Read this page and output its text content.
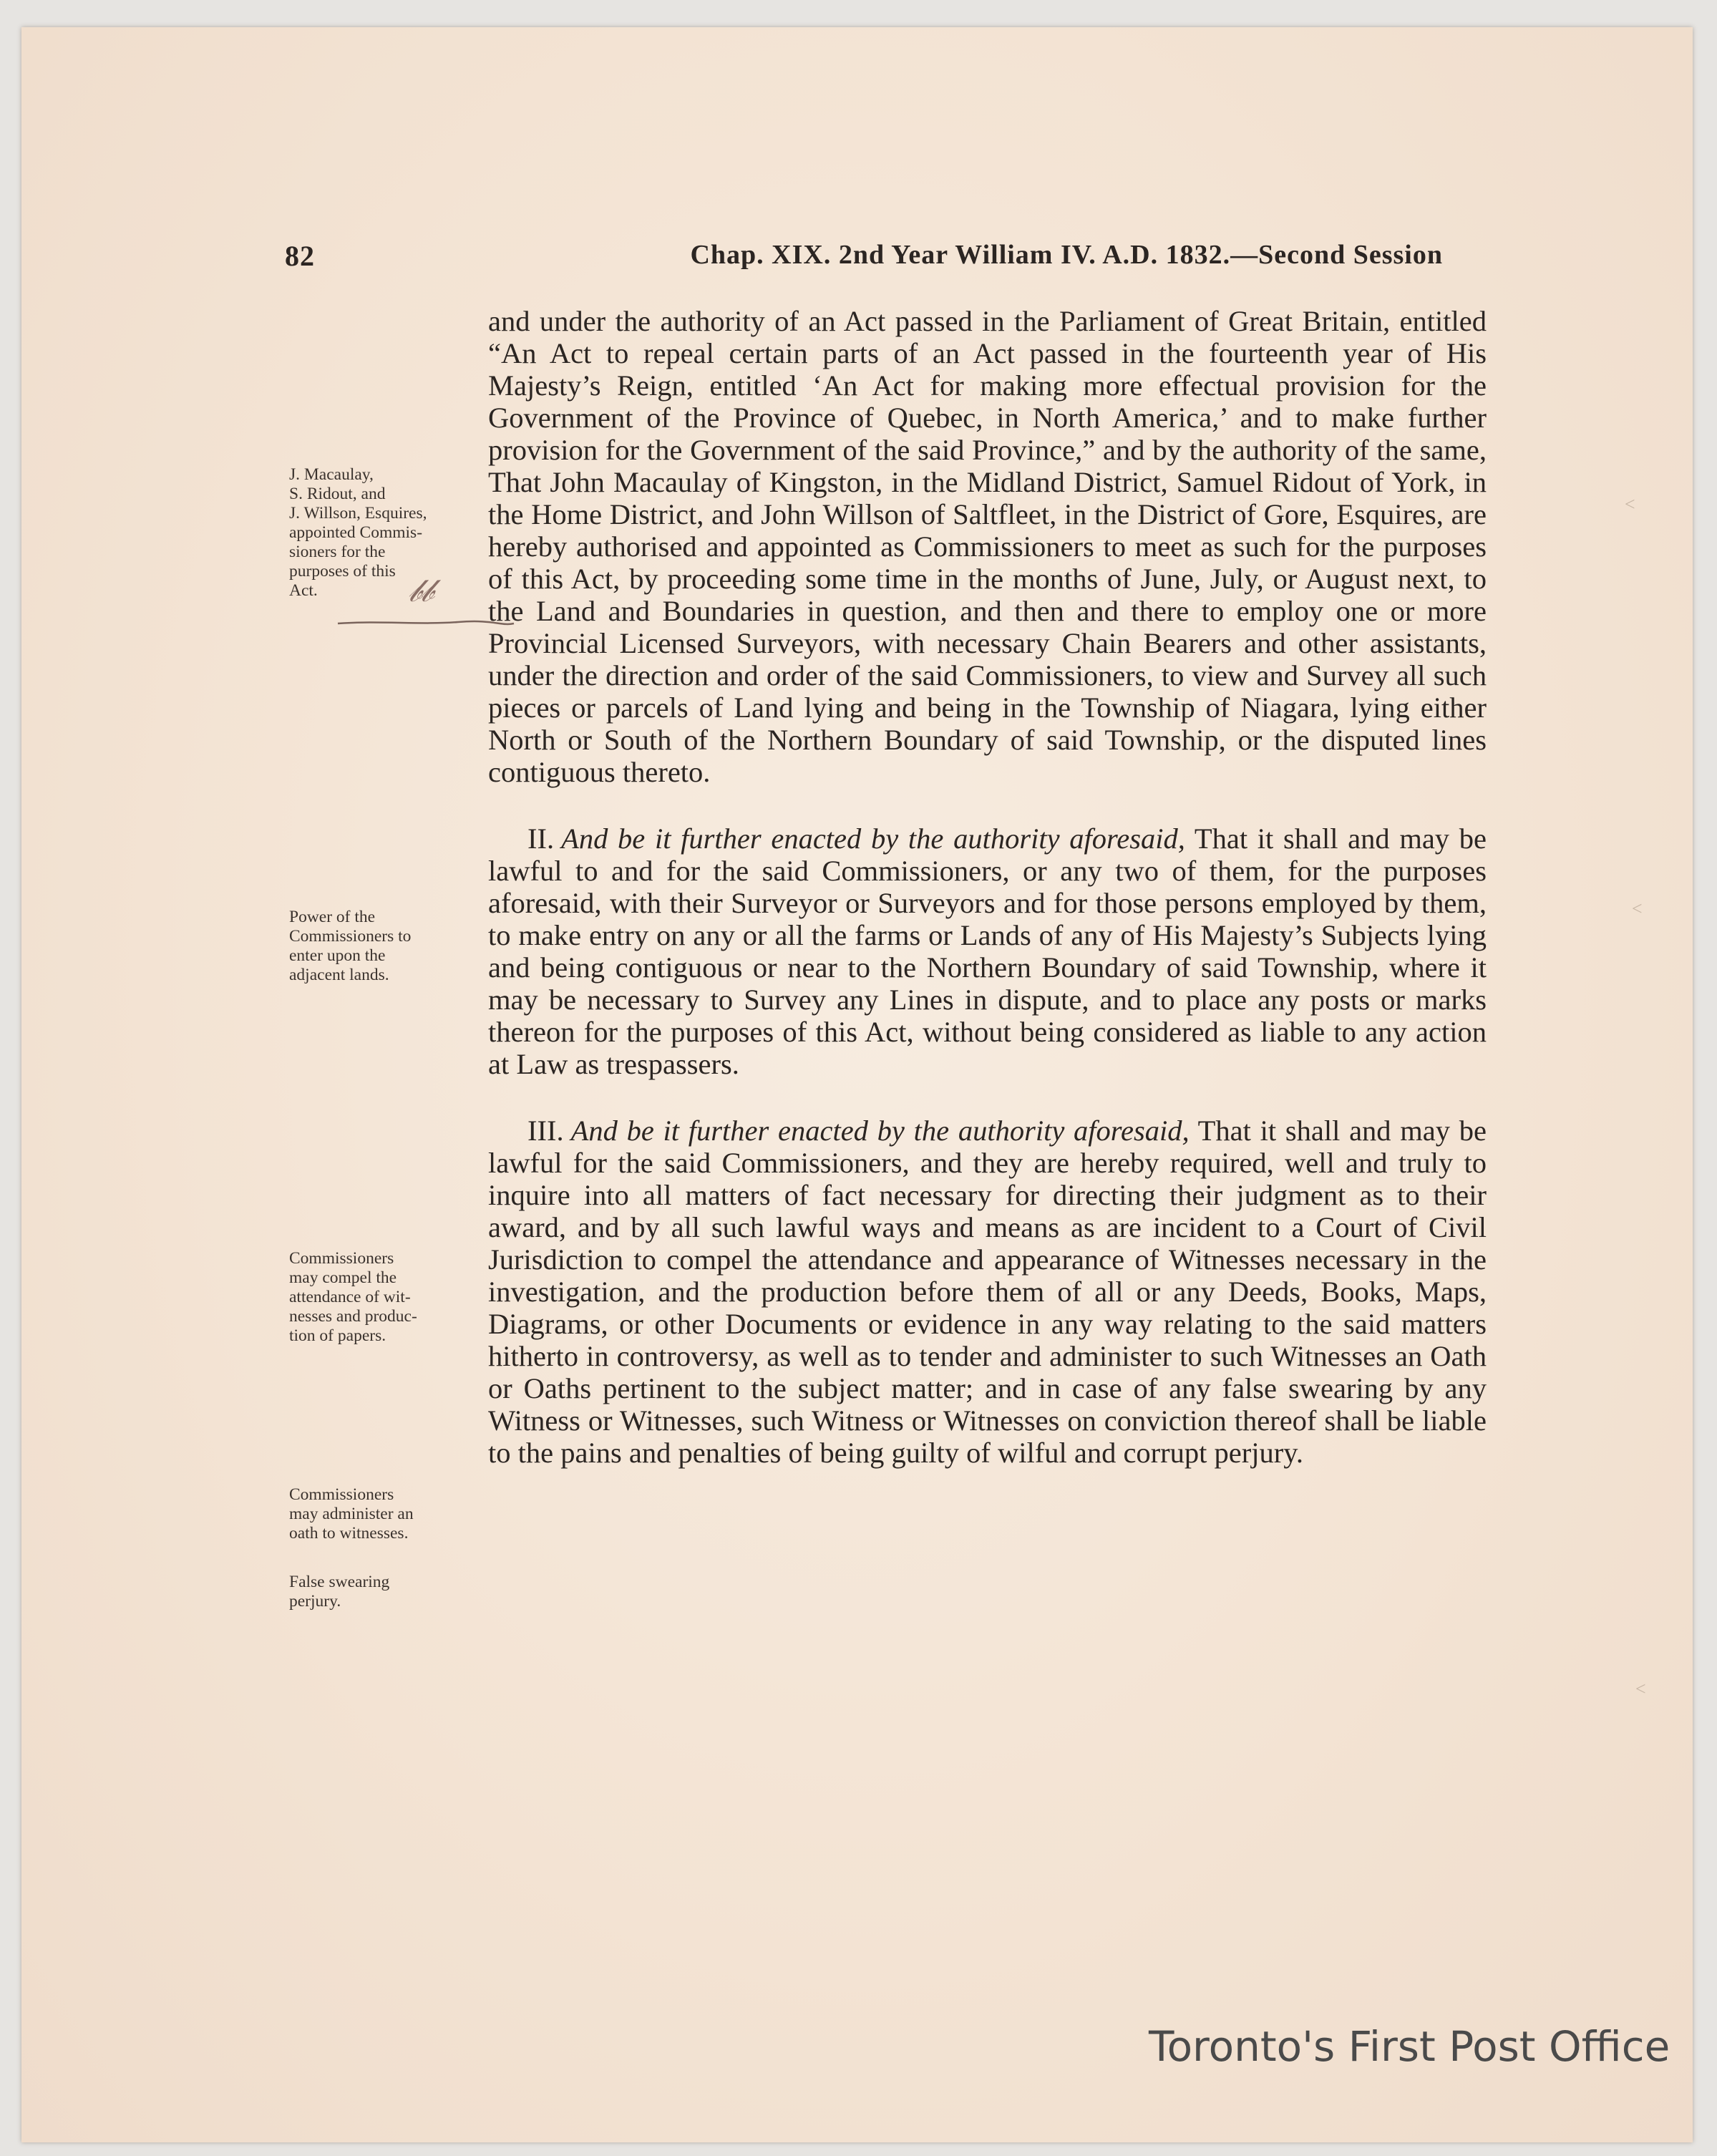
82	Chap. XIX. 2nd Year William IV. A.D. 1832.—Second Session
J. Macaulay,
S. Ridout, and
J. Willson, Esquires,
appointed Commis-
sioners for the
purposes of this
Act.	𝒷𝒷
Power of the
Commissioners to
enter upon the
adjacent lands.
Commissioners
may compel the
attendance of wit-
nesses and produc-
tion of papers.
Commissioners
may administer an
oath to witnesses.
False swearing
perjury.

and under the authority of an Act passed in the Parliament of Great Britain, entitled “An Act to repeal certain parts of an Act passed in the fourteenth year of His Majesty’s Reign, entitled ‘An Act for making more effectual provision for the Government of the Province of Quebec, in North America,’ and to make further provision for the Government of the said Province,” and by the authority of the same, That John Macaulay of Kingston, in the Midland District, Samuel Ridout of York, in the Home District, and John Willson of Saltfleet, in the District of Gore, Esquires, are hereby authorised and appointed as Commissioners to meet as such for the purposes of this Act, by proceeding some time in the months of June, July, or August next, to the Land and Boundaries in question, and then and there to employ one or more Provincial Licensed Surveyors, with necessary Chain Bearers and other assistants, under the direction and order of the said Commissioners, to view and Survey all such pieces or parcels of Land lying and being in the Township of Niagara, lying either North or South of the Northern Boundary of said Township, or the disputed lines contiguous thereto.

II. And be it further enacted by the authority aforesaid, That it shall and may be lawful to and for the said Commissioners, or any two of them, for the purposes aforesaid, with their Surveyor or Surveyors and for those persons employed by them, to make entry on any or all the farms or Lands of any of His Majesty’s Subjects lying and being contiguous or near to the Northern Boundary of said Township, where it may be necessary to Survey any Lines in dispute, and to place any posts or marks thereon for the purposes of this Act, without being considered as liable to any action at Law as trespassers.

III. And be it further enacted by the authority aforesaid, That it shall and may be lawful for the said Commissioners, and they are hereby required, well and truly to inquire into all matters of fact necessary for directing their judgment as to their award, and by all such lawful ways and means as are incident to a Court of Civil Jurisdiction to compel the attendance and appearance of Witnesses necessary in the investigation, and the production before them of all or any Deeds, Books, Maps, Diagrams, or other Documents or evidence in any way relating to the said matters hitherto in controversy, as well as to tender and administer to such Witnesses an Oath or Oaths pertinent to the subject matter; and in case of any false swearing by any Witness or Witnesses, such Witness or Witnesses on conviction thereof shall be liable to the pains and penalties of being guilty of wilful and corrupt perjury.

˂
˂
˂
Toronto's First Post Office
